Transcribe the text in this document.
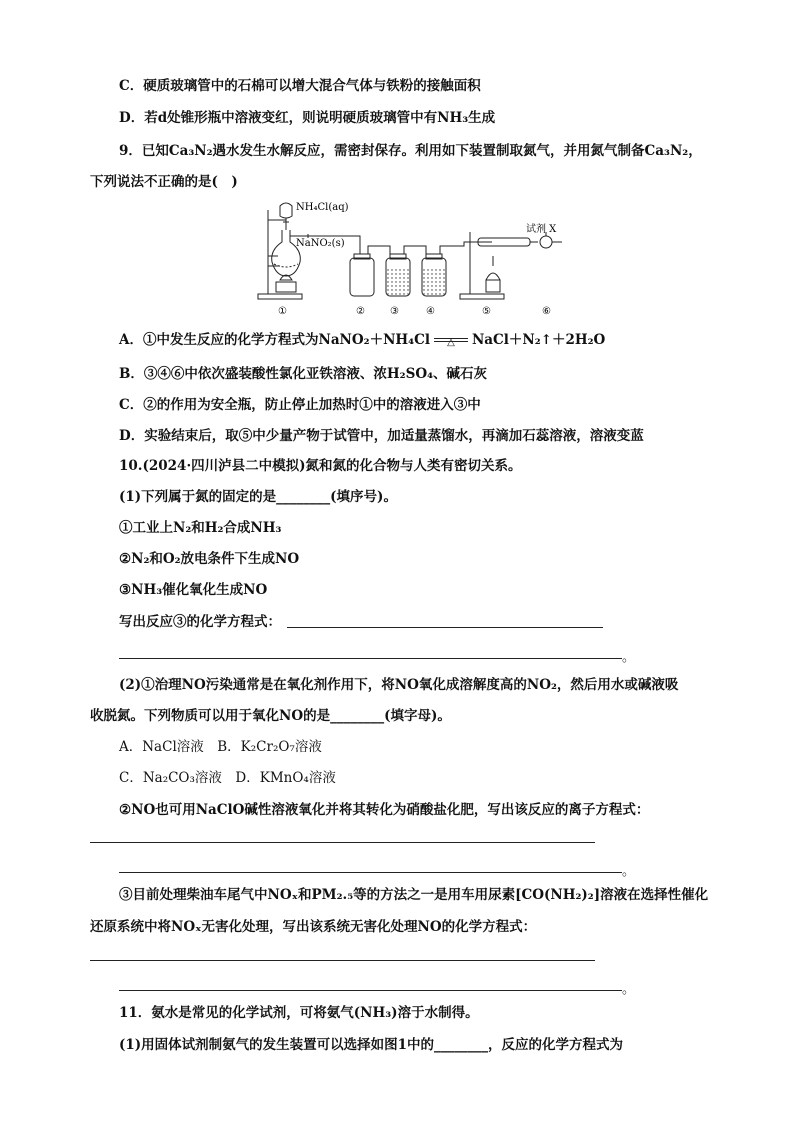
C．硬质玻璃管中的石棉可以增大混合气体与铁粉的接触面积
D．若d处锥形瓶中溶液变红，则说明硬质玻璃管中有NH₃生成
9．已知Ca₃N₂遇水发生水解反应，需密封保存。利用如下装置制取氮气，并用氮气制备Ca₃N₂，
下列说法不正确的是(　)
NH₄Cl(aq)
NaNO₂(s)
试剂 X
①	②	③	④	⑤	⑥
A．①中发生反应的化学方程式为NaNO₂＋NH₄Cl	△	NaCl＋N₂↑＋2H₂O
B．③④⑥中依次盛装酸性氯化亚铁溶液、浓H₂SO₄、碱石灰
C．②的作用为安全瓶，防止停止加热时①中的溶液进入③中
D．实验结束后，取⑤中少量产物于试管中，加适量蒸馏水，再滴加石蕊溶液，溶液变蓝
10.(2024·四川泸县二中模拟)氮和氮的化合物与人类有密切关系。
(1)下列属于氮的固定的是________(填序号)。
①工业上N₂和H₂合成NH₃
②N₂和O₂放电条件下生成NO
③NH₃催化氧化生成NO
写出反应③的化学方程式：
。
(2)①治理NO污染通常是在氧化剂作用下，将NO氧化成溶解度高的NO₂，然后用水或碱液吸
收脱氮。下列物质可以用于氧化NO的是________(填字母)。
A．NaCl溶液　B．K₂Cr₂O₇溶液
C．Na₂CO₃溶液　D．KMnO₄溶液
②NO也可用NaClO碱性溶液氧化并将其转化为硝酸盐化肥，写出该反应的离子方程式：
。
③目前处理柴油车尾气中NOₓ和PM₂.₅等的方法之一是用车用尿素[CO(NH₂)₂]溶液在选择性催化
还原系统中将NOₓ无害化处理，写出该系统无害化处理NO的化学方程式：
。
11．氨水是常见的化学试剂，可将氨气(NH₃)溶于水制得。
(1)用固体试剂制氨气的发生装置可以选择如图1中的________，反应的化学方程式为
